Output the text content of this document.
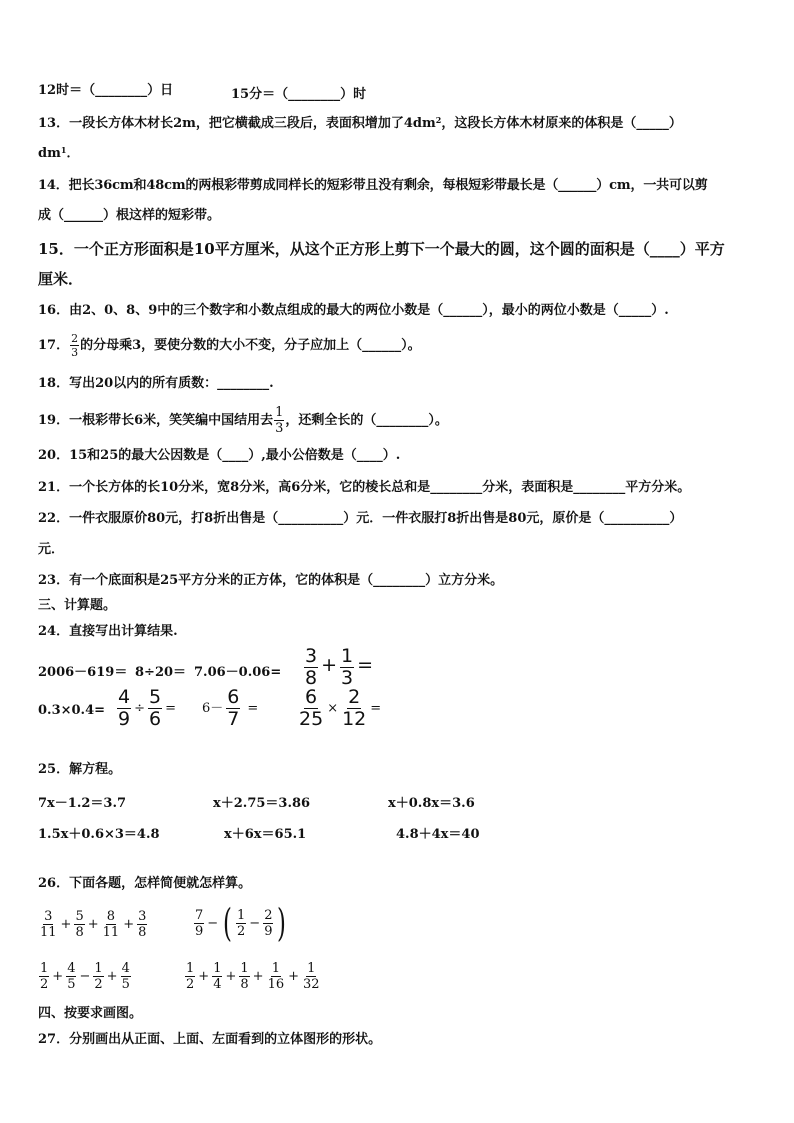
12时＝（________）日	15分＝（________）时
13．一段长方体木材长2m，把它横截成三段后，表面积增加了$4dm^2$，这段长方体木材原来的体积是（_____）
$dm^1$．
14．把长36cm和48cm的两根彩带剪成同样长的短彩带且没有剩余，每根短彩带最长是（______）cm，一共可以剪
成（______）根这样的短彩带。
15．一个正方形面积是10平方厘米，从这个正方形上剪下一个最大的圆，这个圆的面积是（____）平方
厘米．
16．由2、0、8、9中的三个数字和小数点组成的最大的两位小数是（______），最小的两位小数是（_____）.
17． $\frac{2}{3}$ 的分母乘3，要使分数的大小不变，分子应加上（______）。
18．写出20以内的所有质数：________.
19．一根彩带长6米，笑笑编中国结用去 $\frac{1}{3}$ ，还剩全长的（________）。
20．15和25的最大公因数是（____）,最小公倍数是（____）.
21．一个长方体的长10分米，宽8分米，高6分米，它的棱长总和是________分米，表面积是________平方分米。
22．一件衣服原价80元，打8折出售是（__________）元．一件衣服打8折出售是80元，原价是（__________）
元．
23．有一个底面积是25平方分米的正方体，它的体积是（________）立方分米。
三、计算题。
24．直接写出计算结果.
$2006-619= 8\div 20= 7.06-0.06= \frac{3}{8} + \frac{1}{3}$ =
$0.3\times 0.4= \frac{4}{9} \div \frac{5}{6} = 6- \frac{6}{7} = \frac{6}{25} \times \frac{2}{12}$ =
25．解方程。
7x－1.2＝3.7	x＋2.75＝3.86	x＋0.8x＝3.6
1.5x＋0.6×3＝4.8	x＋6x＝65.1	4.8＋4x＝40
26．下面各题，怎样简便就怎样算。
$\frac{3}{11} + \frac{5}{8} + \frac{8}{11} + \frac{3}{8}$	$\frac{7}{9}$ − ( $\frac{1}{2} - \frac{2}{9}$ )
$\frac{1}{2} + \frac{4}{5} - \frac{1}{2} + \frac{4}{5}$	$\frac{1}{2} + \frac{1}{4} + \frac{1}{8} + \frac{1}{16} + \frac{1}{32}$
四、按要求画图。
27．分别画出从正面、上面、左面看到的立体图形的形状。
